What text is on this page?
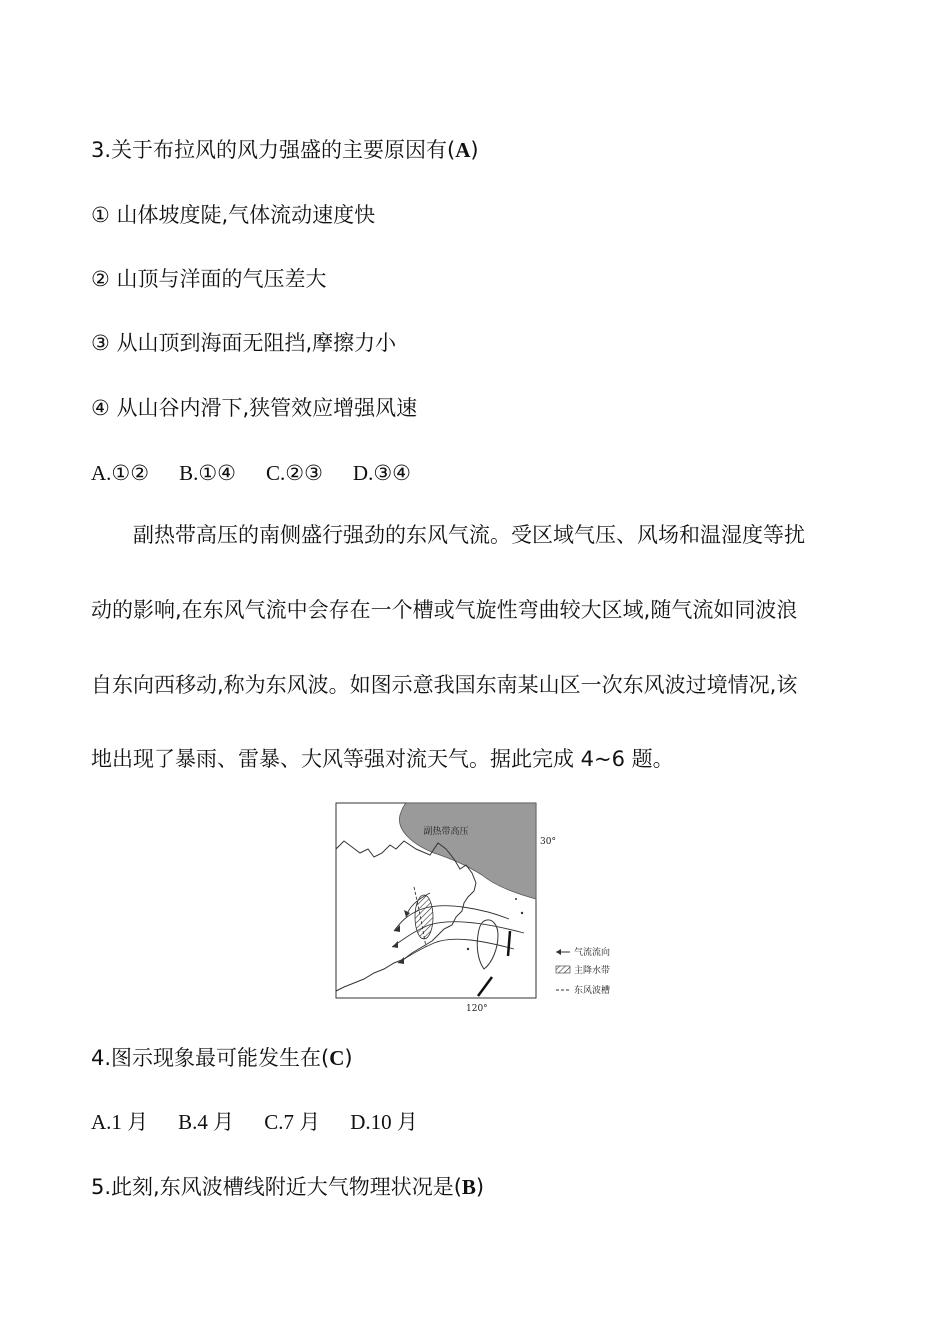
3.关于布拉风的风力强盛的主要原因有(A)
① 山体坡度陡,气体流动速度快
② 山顶与洋面的气压差大
③ 从山顶到海面无阻挡,摩擦力小
④ 从山谷内滑下,狭管效应增强风速
A.①② B.①④ C.②③ D.③④
副热带高压的南侧盛行强劲的东风气流。受区域气压、风场和温湿度等扰
动的影响,在东风气流中会存在一个槽或气旋性弯曲较大区域,随气流如同波浪
自东向西移动,称为东风波。如图示意我国东南某山区一次东风波过境情况,该
地出现了暴雨、雷暴、大风等强对流天气。据此完成 4~6 题。
副热带高压
30°
120°
气流流向
主降水带
东风波槽
4.图示现象最可能发生在(C)
A.1 月 B.4 月 C.7 月 D.10 月
5.此刻,东风波槽线附近大气物理状况是(B)
